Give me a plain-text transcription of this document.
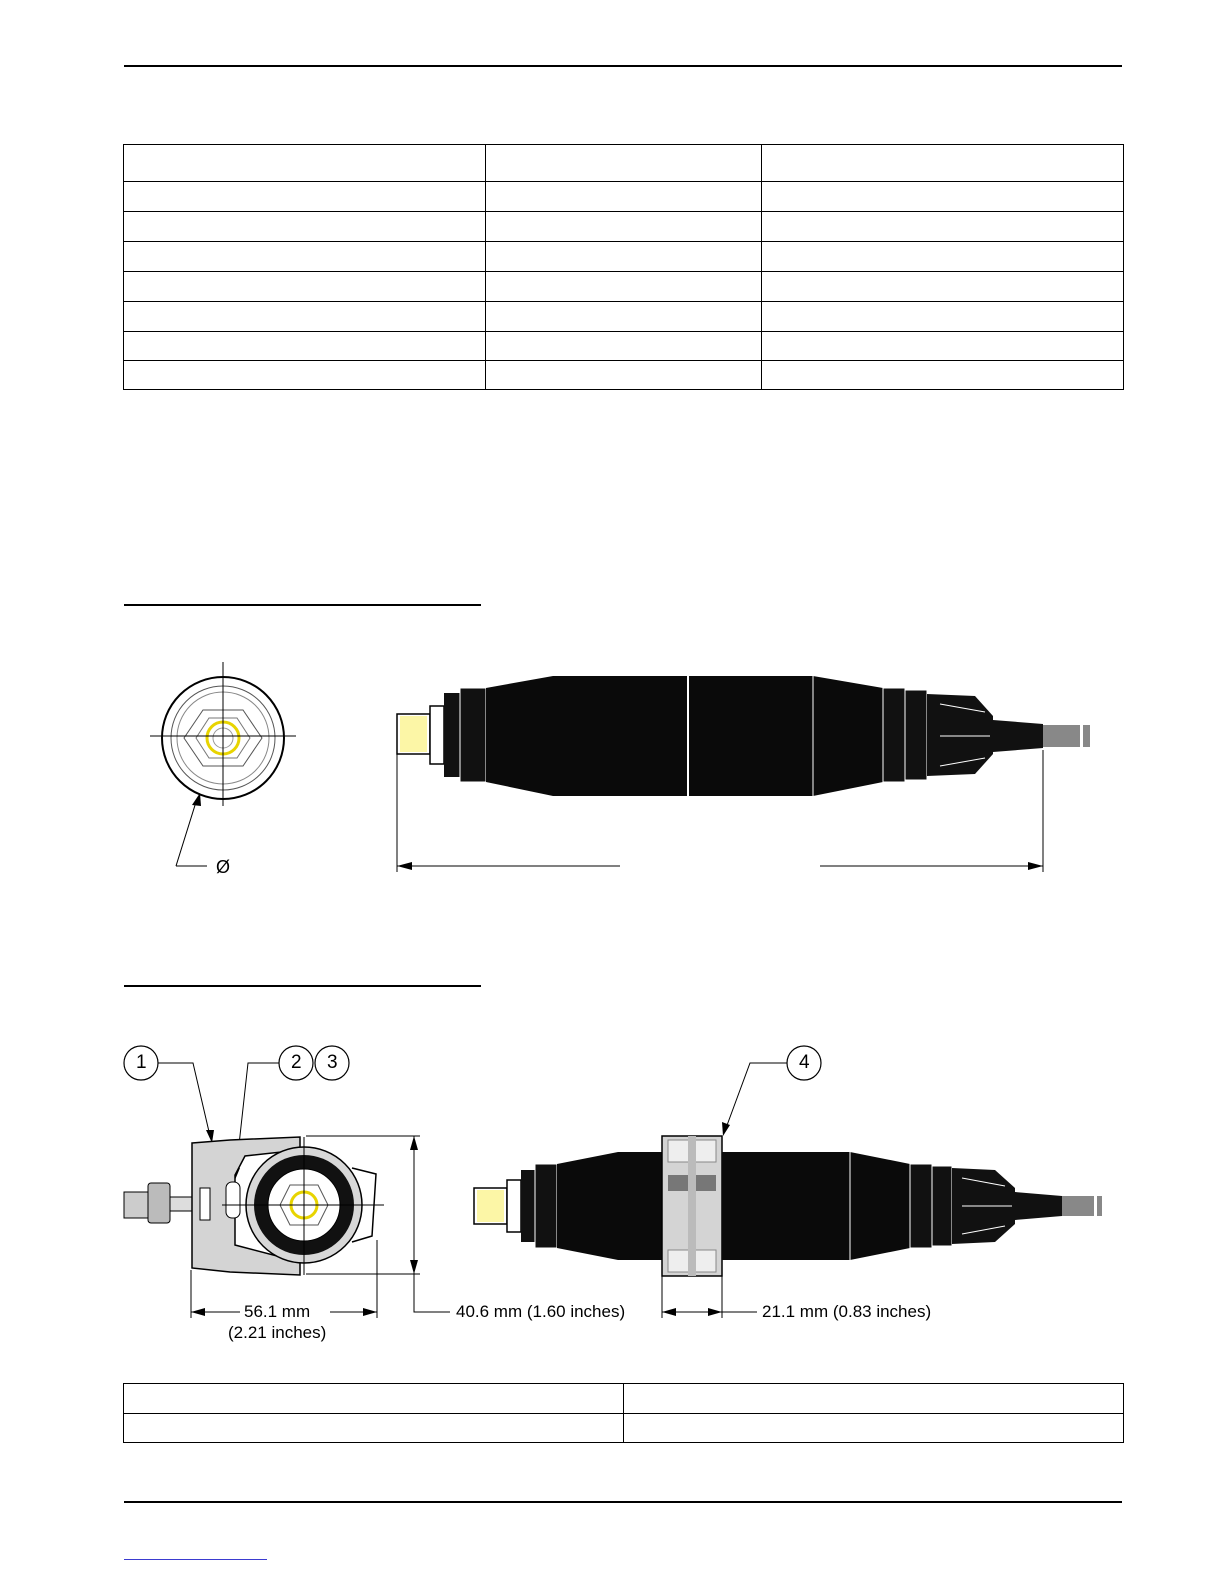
Ø
1	2 3	4
56.1 mm
(2.21 inches)
40.6 mm (1.60 inches)	21.1 mm (0.83 inches)
